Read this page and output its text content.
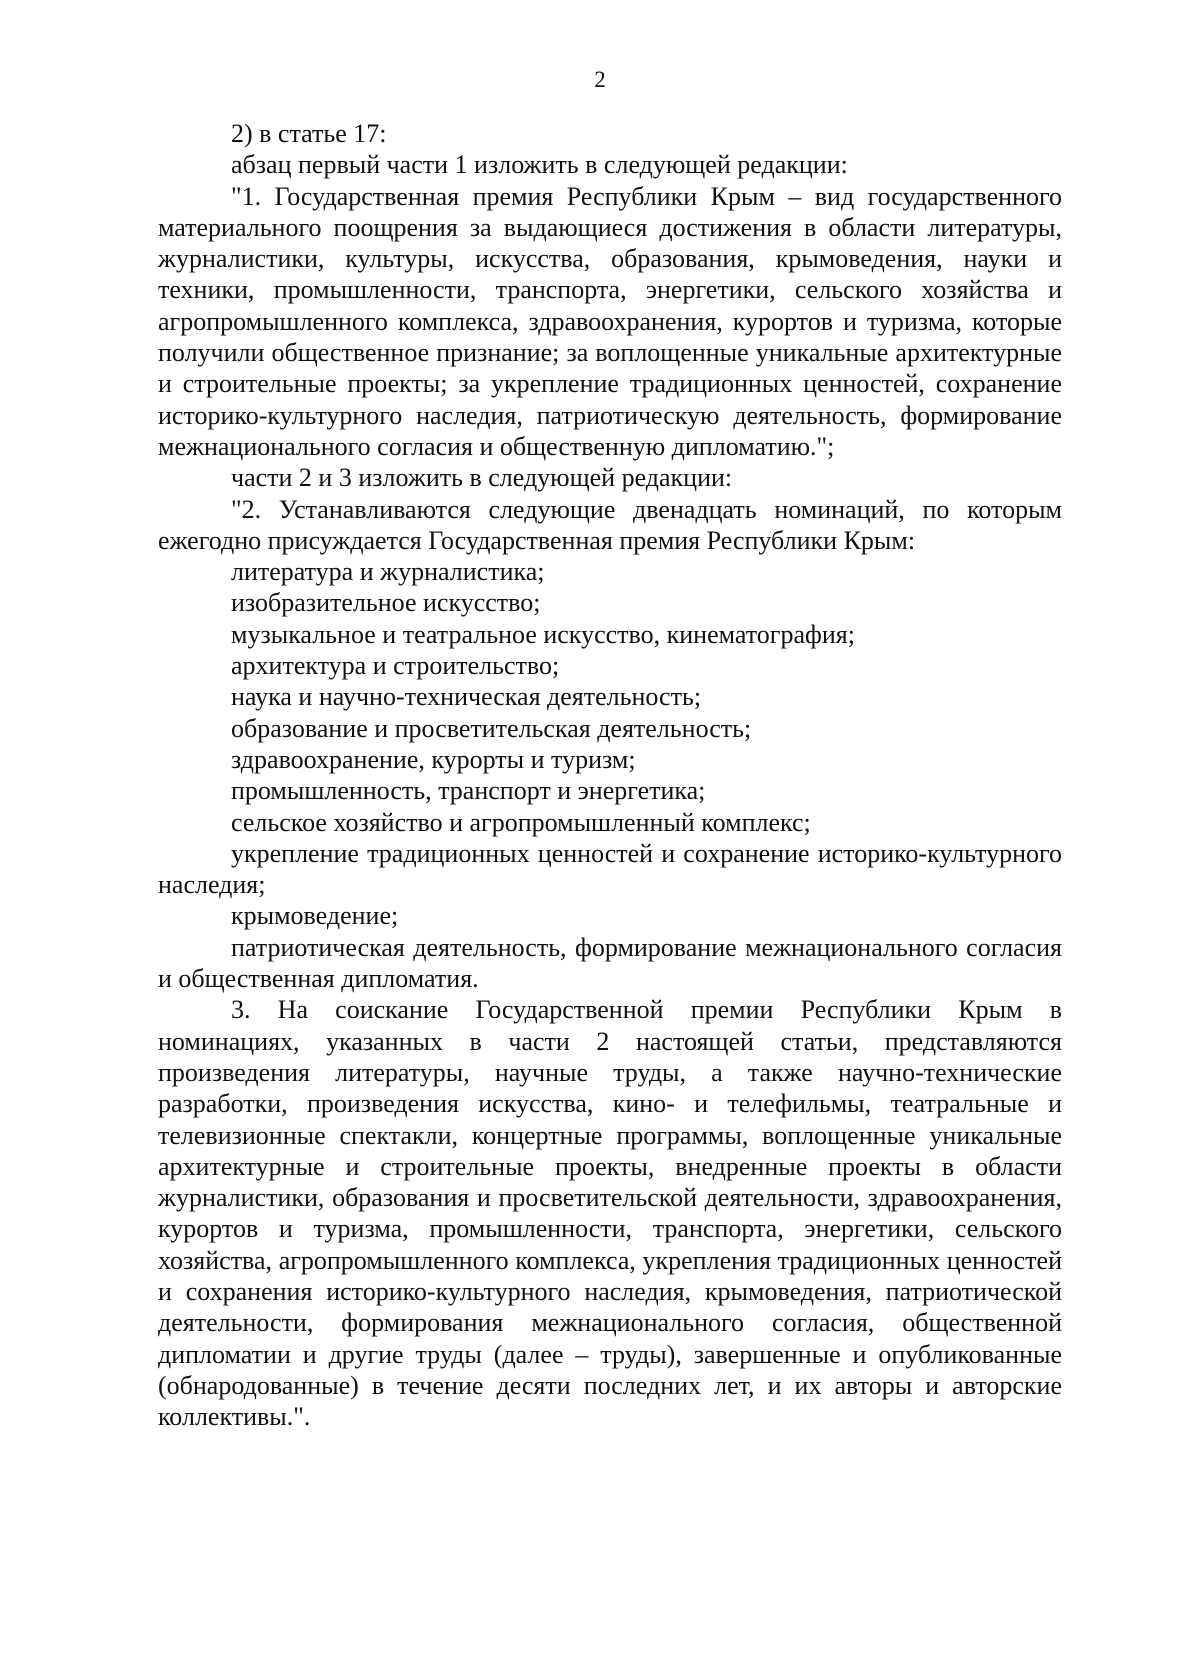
2

2) в статье 17:

абзац первый части 1 изложить в следующей редакции:

"1. Государственная премия Республики Крым – вид государственного материального поощрения за выдающиеся достижения в области литературы, журналистики, культуры, искусства, образования, крымоведения, науки и техники, промышленности, транспорта, энергетики, сельского хозяйства и агропромышленного комплекса, здравоохранения, курортов и туризма, которые получили общественное признание; за воплощенные уникальные архитектурные и строительные проекты; за укрепление традиционных ценностей, сохранение историко-культурного наследия, патриотическую деятельность, формирование межнационального согласия и общественную дипломатию.";

части 2 и 3 изложить в следующей редакции:

"2. Устанавливаются следующие двенадцать номинаций, по которым ежегодно присуждается Государственная премия Республики Крым:

литература и журналистика;

изобразительное искусство;

музыкальное и театральное искусство, кинематография;

архитектура и строительство;

наука и научно-техническая деятельность;

образование и просветительская деятельность;

здравоохранение, курорты и туризм;

промышленность, транспорт и энергетика;

сельское хозяйство и агропромышленный комплекс;

укрепление традиционных ценностей и сохранение историко-культурного наследия;

крымоведение;

патриотическая деятельность, формирование межнационального согласия и общественная дипломатия.

3. На соискание Государственной премии Республики Крым в номинациях, указанных в части 2 настоящей статьи, представляются произведения литературы, научные труды, а также научно-технические разработки, произведения искусства, кино- и телефильмы, театральные и телевизионные спектакли, концертные программы, воплощенные уникальные архитектурные и строительные проекты, внедренные проекты в области журналистики, образования и просветительской деятельности, здравоохранения, курортов и туризма, промышленности, транспорта, энергетики, сельского хозяйства, агропромышленного комплекса, укрепления традиционных ценностей и сохранения историко-культурного наследия, крымоведения, патриотической деятельности, формирования межнационального согласия, общественной дипломатии и другие труды (далее – труды), завершенные и опубликованные (обнародованные) в течение десяти последних лет, и их авторы и авторские коллективы.".
